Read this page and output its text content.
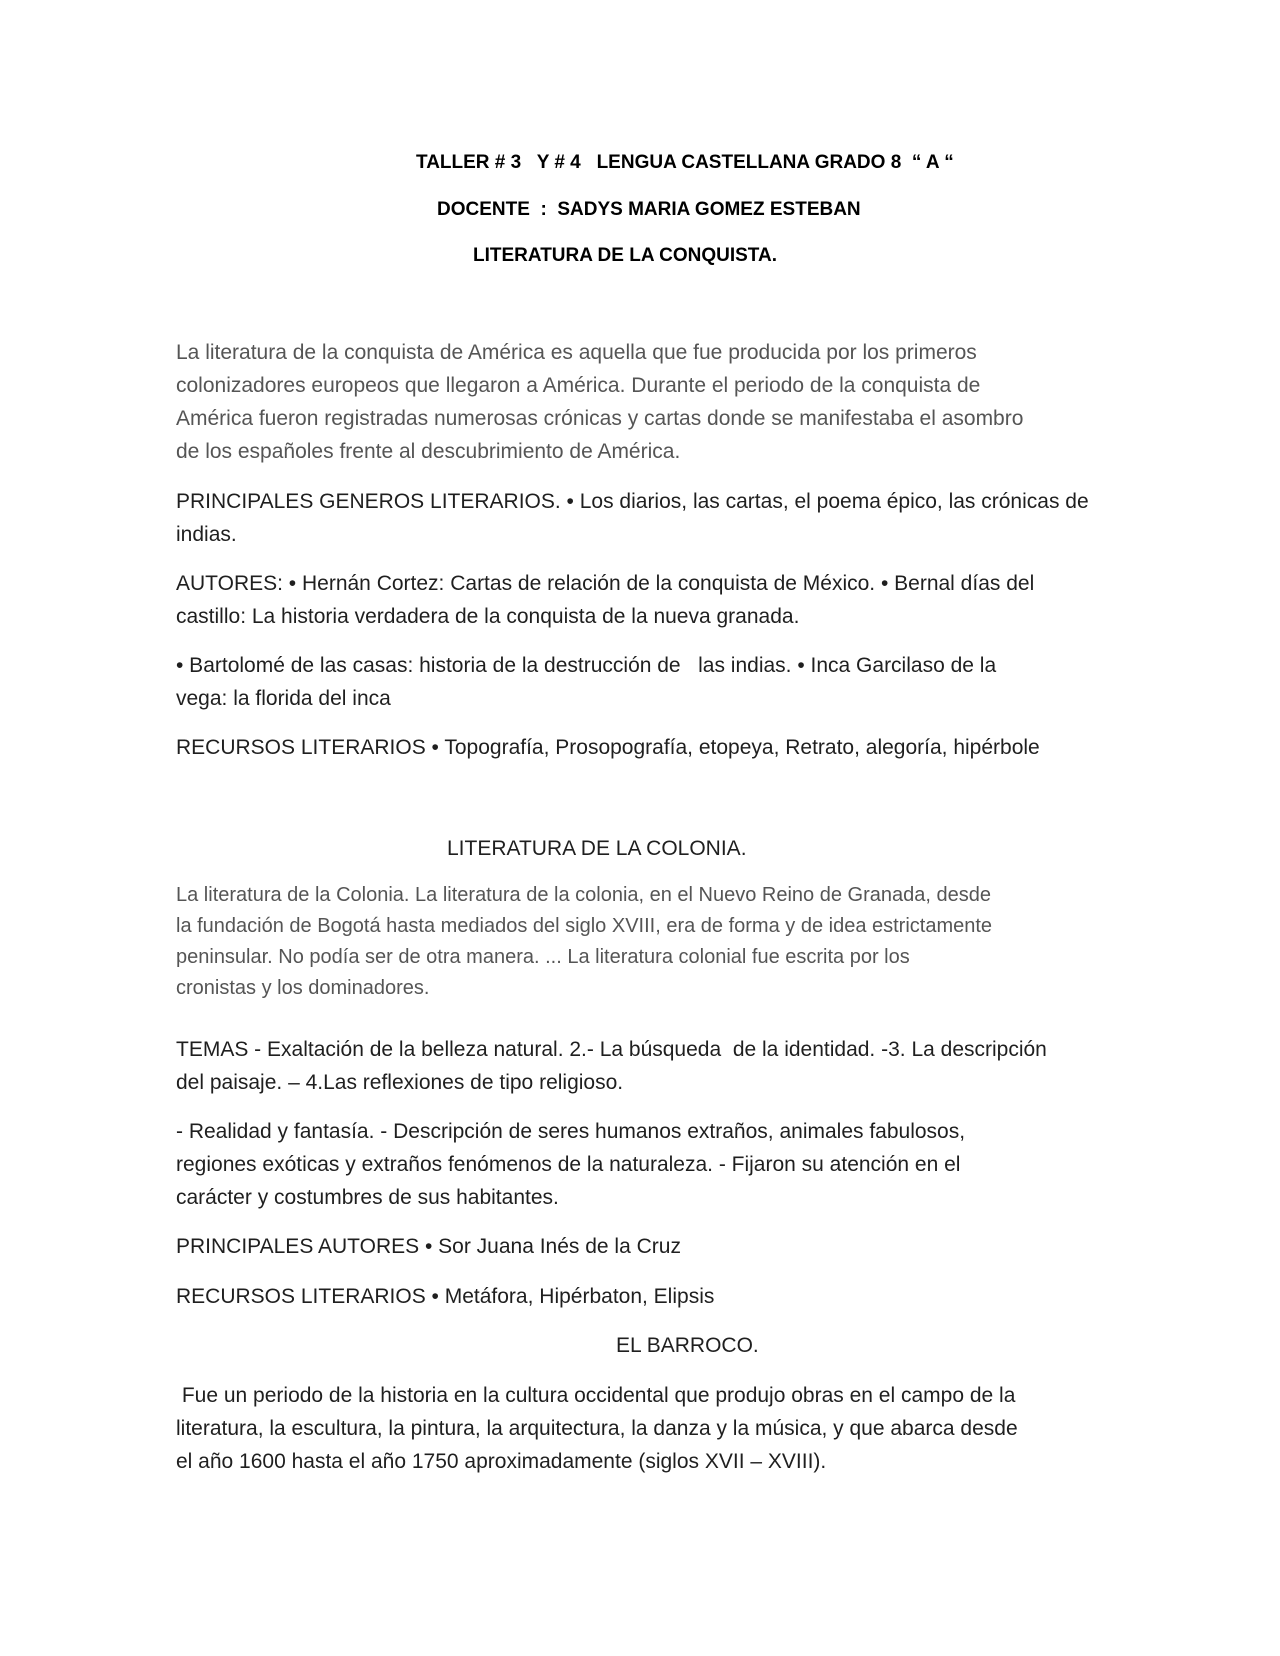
TALLER # 3   Y # 4   LENGUA CASTELLANA GRADO 8  “ A “
DOCENTE  :  SADYS MARIA GOMEZ ESTEBAN
LITERATURA DE LA CONQUISTA.
La literatura de la conquista de América es aquella que fue producida por los primeros
colonizadores europeos que llegaron a América. Durante el periodo de la conquista de
América fueron registradas numerosas crónicas y cartas donde se manifestaba el asombro
de los españoles frente al descubrimiento de América.
PRINCIPALES GENEROS LITERARIOS. • Los diarios, las cartas, el poema épico, las crónicas de
indias.
AUTORES: • Hernán Cortez: Cartas de relación de la conquista de México. • Bernal días del
castillo: La historia verdadera de la conquista de la nueva granada.
• Bartolomé de las casas: historia de la destrucción de   las indias. • Inca Garcilaso de la
vega: la florida del inca
RECURSOS LITERARIOS • Topografía, Prosopografía, etopeya, Retrato, alegoría, hipérbole
LITERATURA DE LA COLONIA.
La literatura de la Colonia. La literatura de la colonia, en el Nuevo Reino de Granada, desde
la fundación de Bogotá hasta mediados del siglo XVIII, era de forma y de idea estrictamente
peninsular. No podía ser de otra manera. ... La literatura colonial fue escrita por los
cronistas y los dominadores.
TEMAS - Exaltación de la belleza natural. 2.- La búsqueda  de la identidad. -3. La descripción
del paisaje. – 4.Las reflexiones de tipo religioso.
- Realidad y fantasía. - Descripción de seres humanos extraños, animales fabulosos,
regiones exóticas y extraños fenómenos de la naturaleza. - Fijaron su atención en el
carácter y costumbres de sus habitantes.
PRINCIPALES AUTORES • Sor Juana Inés de la Cruz
RECURSOS LITERARIOS • Metáfora, Hipérbaton, Elipsis
EL BARROCO.
Fue un periodo de la historia en la cultura occidental que produjo obras en el campo de la
literatura, la escultura, la pintura, la arquitectura, la danza y la música, y que abarca desde
el año 1600 hasta el año 1750 aproximadamente (siglos XVII – XVIII).
